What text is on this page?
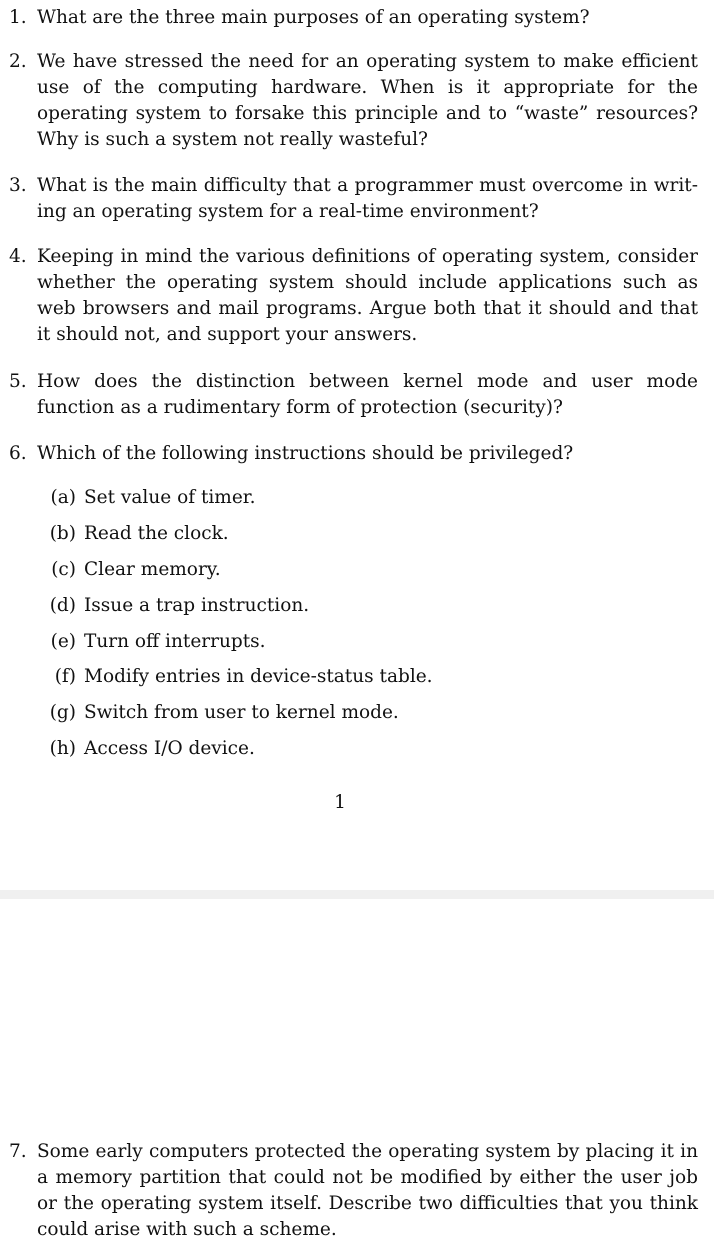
1. What are the three main purposes of an operating system?
2. We have stressed the need for an operating system to make efficient use of the computing hardware. When is it appropriate for the operating system to forsake this principle and to “waste” resources? Why is such a system not really wasteful?
3. What is the main difficulty that a programmer must overcome in writing an operating system for a real-time environment?
4. Keeping in mind the various definitions of operating system, consider whether the operating system should include applications such as web browsers and mail programs. Argue both that it should and that it should not, and support your answers.
5. How does the distinction between kernel mode and user mode function as a rudimentary form of protection (security)?
6. Which of the following instructions should be privileged?
(a) Set value of timer.
(b) Read the clock.
(c) Clear memory.
(d) Issue a trap instruction.
(e) Turn off interrupts.
(f) Modify entries in device-status table.
(g) Switch from user to kernel mode.
(h) Access I/O device.
1
7. Some early computers protected the operating system by placing it in a memory partition that could not be modified by either the user job or the operating system itself. Describe two difficulties that you think could arise with such a scheme.
